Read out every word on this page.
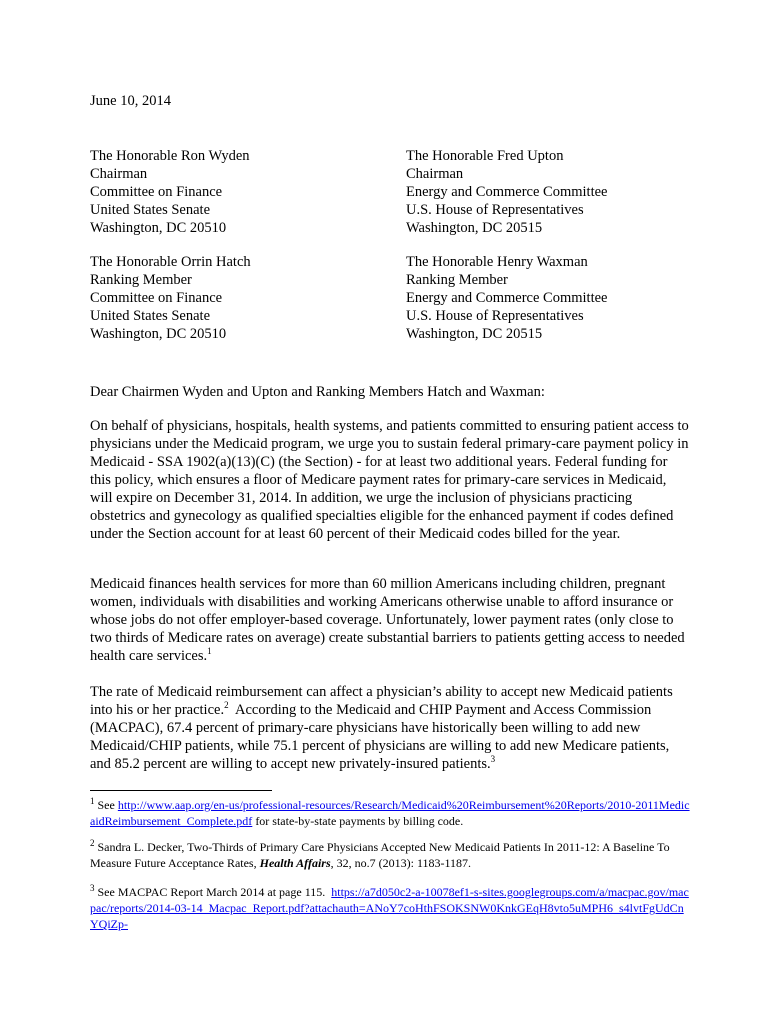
June 10, 2014
The Honorable Ron Wyden
Chairman
Committee on Finance
United States Senate
Washington, DC 20510
The Honorable Fred Upton
Chairman
Energy and Commerce Committee
U.S. House of Representatives
Washington, DC 20515
The Honorable Orrin Hatch
Ranking Member
Committee on Finance
United States Senate
Washington, DC 20510
The Honorable Henry Waxman
Ranking Member
Energy and Commerce Committee
U.S. House of Representatives
Washington, DC 20515
Dear Chairmen Wyden and Upton and Ranking Members Hatch and Waxman:

On behalf of physicians, hospitals, health systems, and patients committed to ensuring patient access to physicians under the Medicaid program, we urge you to sustain federal primary-care payment policy in Medicaid - SSA 1902(a)(13)(C) (the Section) - for at least two additional years. Federal funding for this policy, which ensures a floor of Medicare payment rates for primary-care services in Medicaid, will expire on December 31, 2014. In addition, we urge the inclusion of physicians practicing obstetrics and gynecology as qualified specialties eligible for the enhanced payment if codes defined under the Section account for at least 60 percent of their Medicaid codes billed for the year.

Medicaid finances health services for more than 60 million Americans including children, pregnant women, individuals with disabilities and working Americans otherwise unable to afford insurance or whose jobs do not offer employer-based coverage. Unfortunately, lower payment rates (only close to two thirds of Medicare rates on average) create substantial barriers to patients getting access to needed health care services.$^1$

The rate of Medicaid reimbursement can affect a physician’s ability to accept new Medicaid patients into his or her practice.$^2$  According to the Medicaid and CHIP Payment and Access Commission (MACPAC), 67.4 percent of primary-care physicians have historically been willing to add new Medicaid/CHIP patients, while 75.1 percent of physicians are willing to add new Medicare patients, and 85.2 percent are willing to accept new privately-insured patients.$^3$

$^1$ See http://www.aap.org/en-us/professional-resources/Research/Medicaid%20Reimbursement%20Reports/2010-2011MedicaidReimbursement_Complete.pdf for state-by-state payments by billing code.
$^2$ Sandra L. Decker, Two-Thirds of Primary Care Physicians Accepted New Medicaid Patients In 2011-12: A Baseline To Measure Future Acceptance Rates, Health Affairs, 32, no.7 (2013): 1183-1187.
$^3$ See MACPAC Report March 2014 at page 115.  https://a7d050c2-a-10078ef1-s-sites.googlegroups.com/a/macpac.gov/macpac/reports/2014-03-14_Macpac_Report.pdf?attachauth=ANoY7coHthFSOKSNW0KnkGEqH8vto5uMPH6_s4lvtFgUdCnYQiZp-
